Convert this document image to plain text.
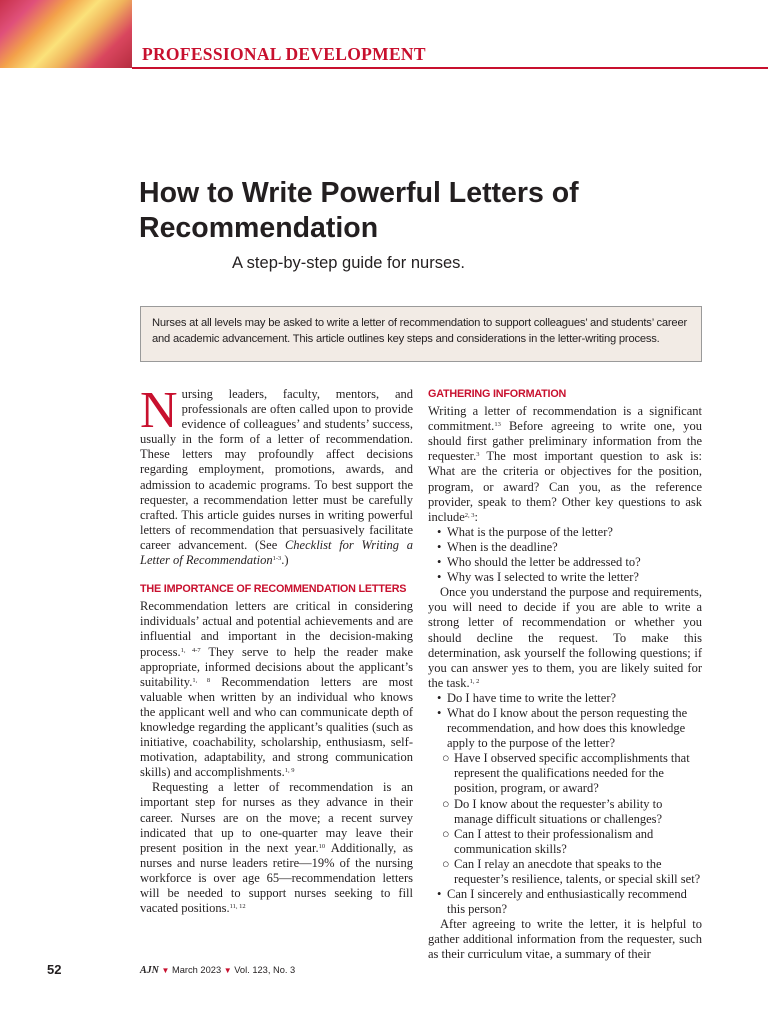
PROFESSIONAL DEVELOPMENT
How to Write Powerful Letters of Recommendation
A step-by-step guide for nurses.
Nurses at all levels may be asked to write a letter of recommendation to support colleagues’ and students’ career and academic advancement. This article outlines key steps and considerations in the letter-writing process.

Nursing leaders, faculty, mentors, and professionals are often called upon to provide evidence of colleagues’ and students’ success, usually in the form of a letter of recommendation. These letters may profoundly affect decisions regarding employment, promotions, awards, and admission to academic programs. To best support the requester, a recommendation letter must be carefully crafted. This article guides nurses in writing powerful letters of recommendation that persuasively facilitate career advancement. (See Checklist for Writing a Letter of Recommendation$^{1-3}$.)

THE IMPORTANCE OF RECOMMENDATION LETTERS

Recommendation letters are critical in considering individuals’ actual and potential achievements and are influential and important in the decision-making process.$^{1, 4-7}$ They serve to help the reader make appropriate, informed decisions about the applicant’s suitability.$^{1, 8}$ Recommendation letters are most valuable when written by an individual who knows the applicant well and who can communicate depth of knowledge regarding the applicant’s qualities (such as initiative, coachability, scholarship, enthusiasm, self-motivation, adaptability, and strong communication skills) and accomplishments.$^{1, 9}$

Requesting a letter of recommendation is an important step for nurses as they advance in their career. Nurses are on the move; a recent survey indicated that up to one-quarter may leave their present position in the next year.$^{10}$ Additionally, as nurses and nurse leaders retire—19% of the nursing workforce is over age 65—recommendation letters will be needed to support nurses seeking to fill vacated positions.$^{11, 12}$

GATHERING INFORMATION

Writing a letter of recommendation is a significant commitment.$^{13}$ Before agreeing to write one, you should first gather preliminary information from the requester.$^3$ The most important question to ask is: What are the criteria or objectives for the position, program, or award? Can you, as the reference provider, speak to them? Other key questions to ask include$^{2, 3}$:

• What is the purpose of the letter?
• When is the deadline?
• Who should the letter be addressed to?
• Why was I selected to write the letter?

Once you understand the purpose and requirements, you will need to decide if you are able to write a strong letter of recommendation or whether you should decline the request. To make this determination, ask yourself the following questions; if you can answer yes to them, you are likely suited for the task.$^{1, 2}$

• Do I have time to write the letter?
• What do I know about the person requesting the recommendation, and how does this knowledge apply to the purpose of the letter?
○ Have I observed specific accomplishments that represent the qualifications needed for the position, program, or award?
○ Do I know about the requester’s ability to manage difficult situations or challenges?
○ Can I attest to their professionalism and communication skills?
○ Can I relay an anecdote that speaks to the requester’s resilience, talents, or special skill set?
• Can I sincerely and enthusiastically recommend this person?

After agreeing to write the letter, it is helpful to gather additional information from the requester, such as their curriculum vitae, a summary of their

52	AJN ▼ March 2023 ▼ Vol. 123, No. 3
